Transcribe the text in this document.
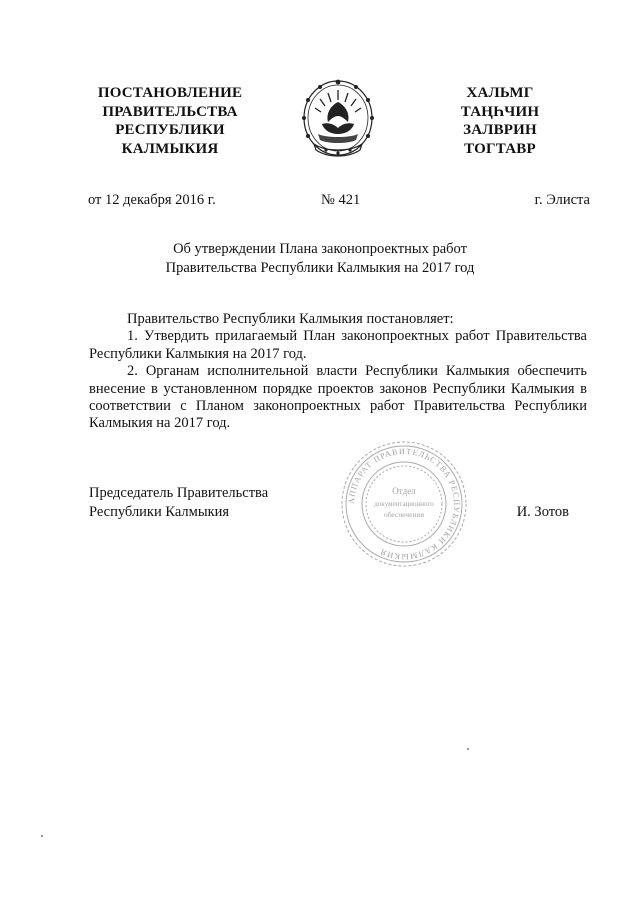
ПОСТАНОВЛЕНИЕ
ПРАВИТЕЛЬСТВА
РЕСПУБЛИКИ
КАЛМЫКИЯ
ХАЛЬМГ
ТАҢҺЧИН
ЗАЛВРИН
ТОГТАВР
от 12 декабря 2016 г.	№ 421	г. Элиста
Об утверждении Плана законопроектных работ
Правительства Республики Калмыкия на 2017 год

Правительство Республики Калмыкия постановляет:

1. Утвердить прилагаемый План законопроектных работ Правительства Республики Калмыкия на 2017 год.

2. Органам исполнительной власти Республики Калмыкия обеспечить внесение в установленном порядке проектов законов Республики Калмыкия в соответствии с Планом законопроектных работ Правительства Республики Калмыкия на 2017 год.

Председатель Правительства
Республики Калмыкия	И. Зотов
АППАРАТ ПРАВИТЕЛЬСТВА РЕСПУБЛИКИ КАЛМЫКИЯ
Отдел
документационного
обеспечения
